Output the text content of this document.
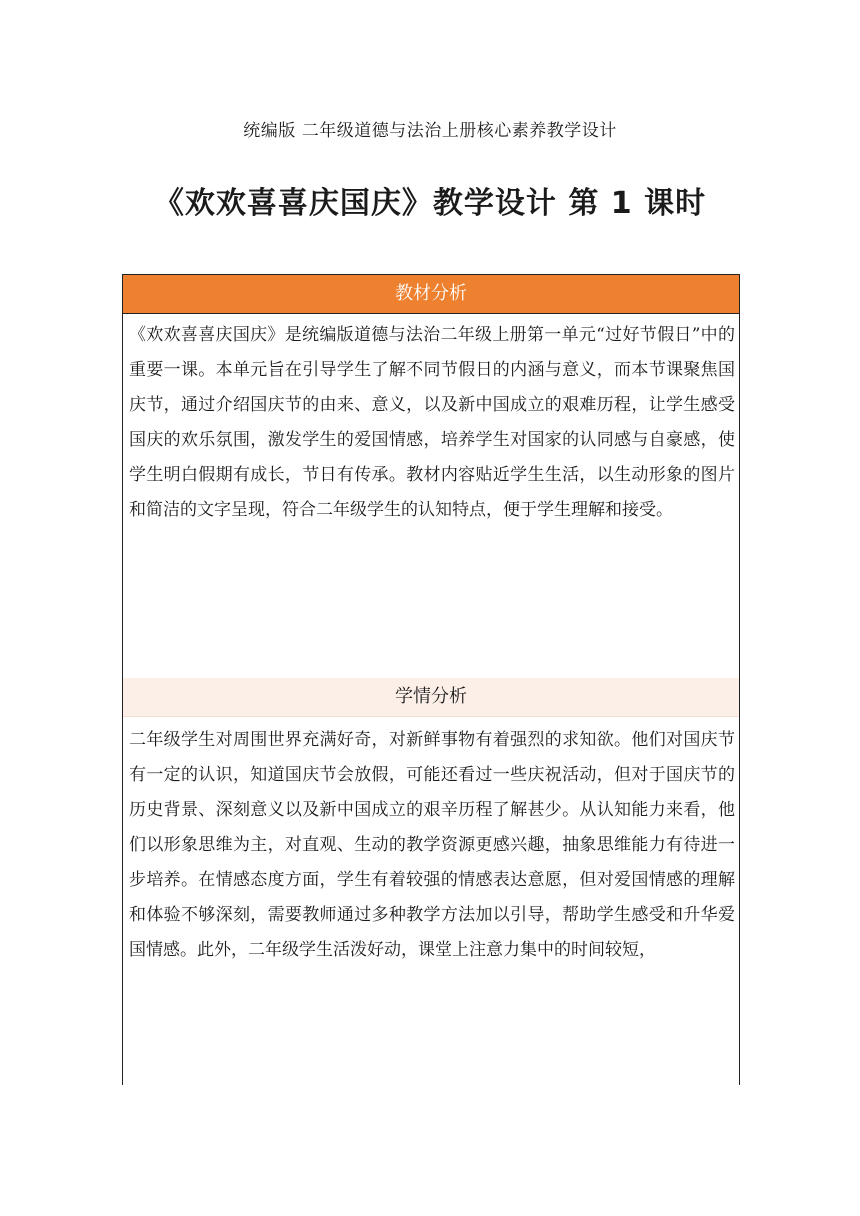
统编版 二年级道德与法治上册核心素养教学设计
《欢欢喜喜庆国庆》教学设计 第 1 课时
教材分析
《欢欢喜喜庆国庆》是统编版道德与法治二年级上册第一单元“过好节假日”中的重要一课。本单元旨在引导学生了解不同节假日的内涵与意义，而本节课聚焦国庆节，通过介绍国庆节的由来、意义，以及新中国成立的艰难历程，让学生感受国庆的欢乐氛围，激发学生的爱国情感，培养学生对国家的认同感与自豪感，使学生明白假期有成长，节日有传承。教材内容贴近学生生活，以生动形象的图片和简洁的文字呈现，符合二年级学生的认知特点，便于学生理解和接受。
学情分析
二年级学生对周围世界充满好奇，对新鲜事物有着强烈的求知欲。他们对国庆节有一定的认识，知道国庆节会放假，可能还看过一些庆祝活动，但对于国庆节的历史背景、深刻意义以及新中国成立的艰辛历程了解甚少。从认知能力来看，他们以形象思维为主，对直观、生动的教学资源更感兴趣，抽象思维能力有待进一步培养。在情感态度方面，学生有着较强的情感表达意愿，但对爱国情感的理解和体验不够深刻，需要教师通过多种教学方法加以引导，帮助学生感受和升华爱国情感。此外，二年级学生活泼好动，课堂上注意力集中的时间较短，
